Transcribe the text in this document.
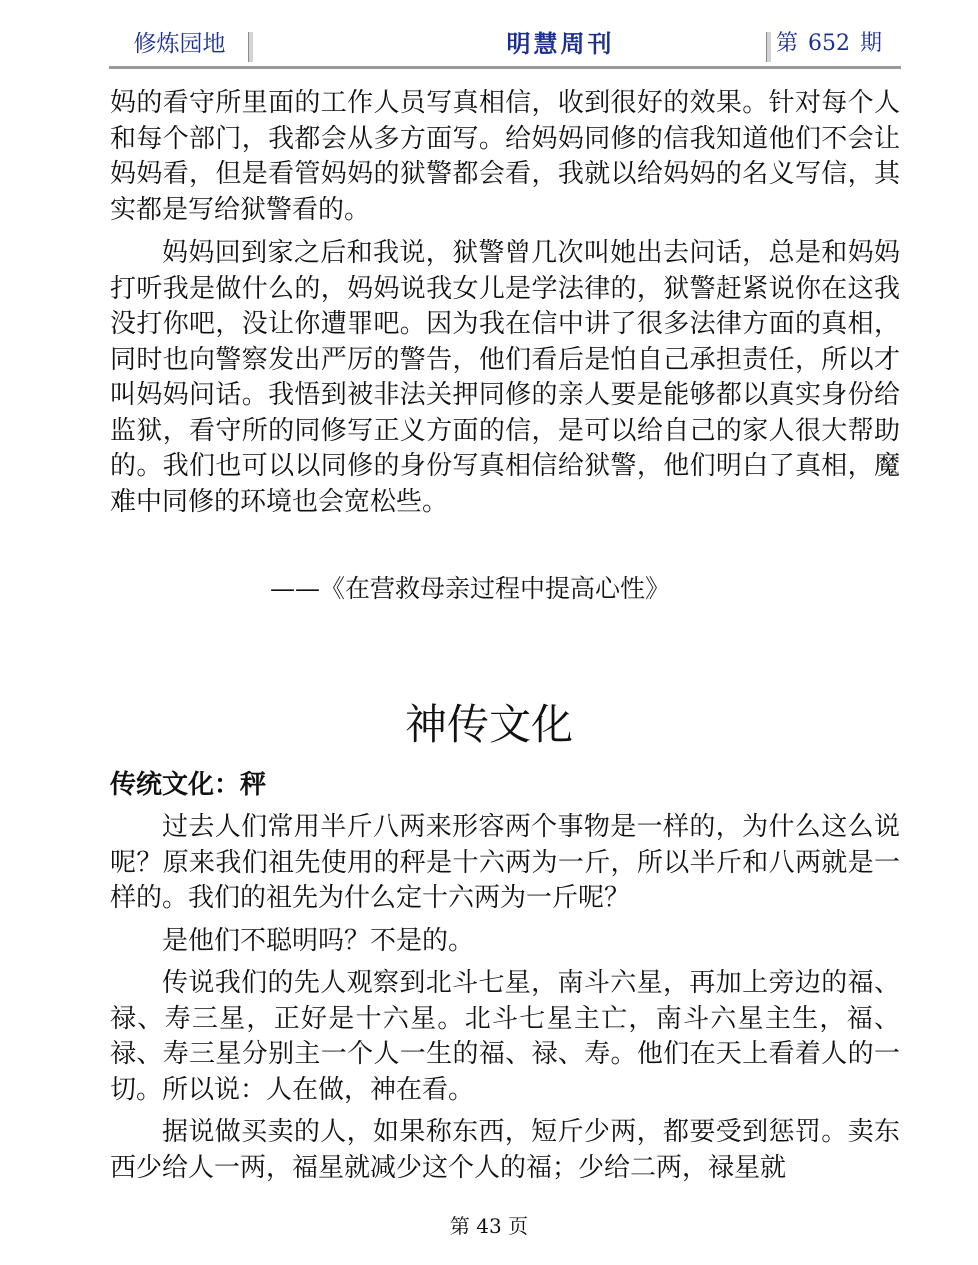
修炼园地	明慧周刊	第 652 期

妈的看守所里面的工作人员写真相信，收到很好的效果。针对每个人和每个部门，我都会从多方面写。给妈妈同修的信我知道他们不会让妈妈看，但是看管妈妈的狱警都会看，我就以给妈妈的名义写信，其实都是写给狱警看的。

妈妈回到家之后和我说，狱警曾几次叫她出去问话，总是和妈妈打听我是做什么的，妈妈说我女儿是学法律的，狱警赶紧说你在这我没打你吧，没让你遭罪吧。因为我在信中讲了很多法律方面的真相，同时也向警察发出严厉的警告，他们看后是怕自己承担责任，所以才叫妈妈问话。我悟到被非法关押同修的亲人要是能够都以真实身份给监狱，看守所的同修写正义方面的信，是可以给自己的家人很大帮助的。我们也可以以同修的身份写真相信给狱警，他们明白了真相，魔难中同修的环境也会宽松些。

——《在营救母亲过程中提高心性》
神传文化
传统文化：秤

过去人们常用半斤八两来形容两个事物是一样的，为什么这么说呢？原来我们祖先使用的秤是十六两为一斤，所以半斤和八两就是一样的。我们的祖先为什么定十六两为一斤呢？

是他们不聪明吗？不是的。

传说我们的先人观察到北斗七星，南斗六星，再加上旁边的福、禄、寿三星，正好是十六星。北斗七星主亡，南斗六星主生，福、禄、寿三星分别主一个人一生的福、禄、寿。他们在天上看着人的一切。所以说：人在做，神在看。

据说做买卖的人，如果称东西，短斤少两，都要受到惩罚。卖东西少给人一两，福星就减少这个人的福；少给二两，禄星就

第 43 页
